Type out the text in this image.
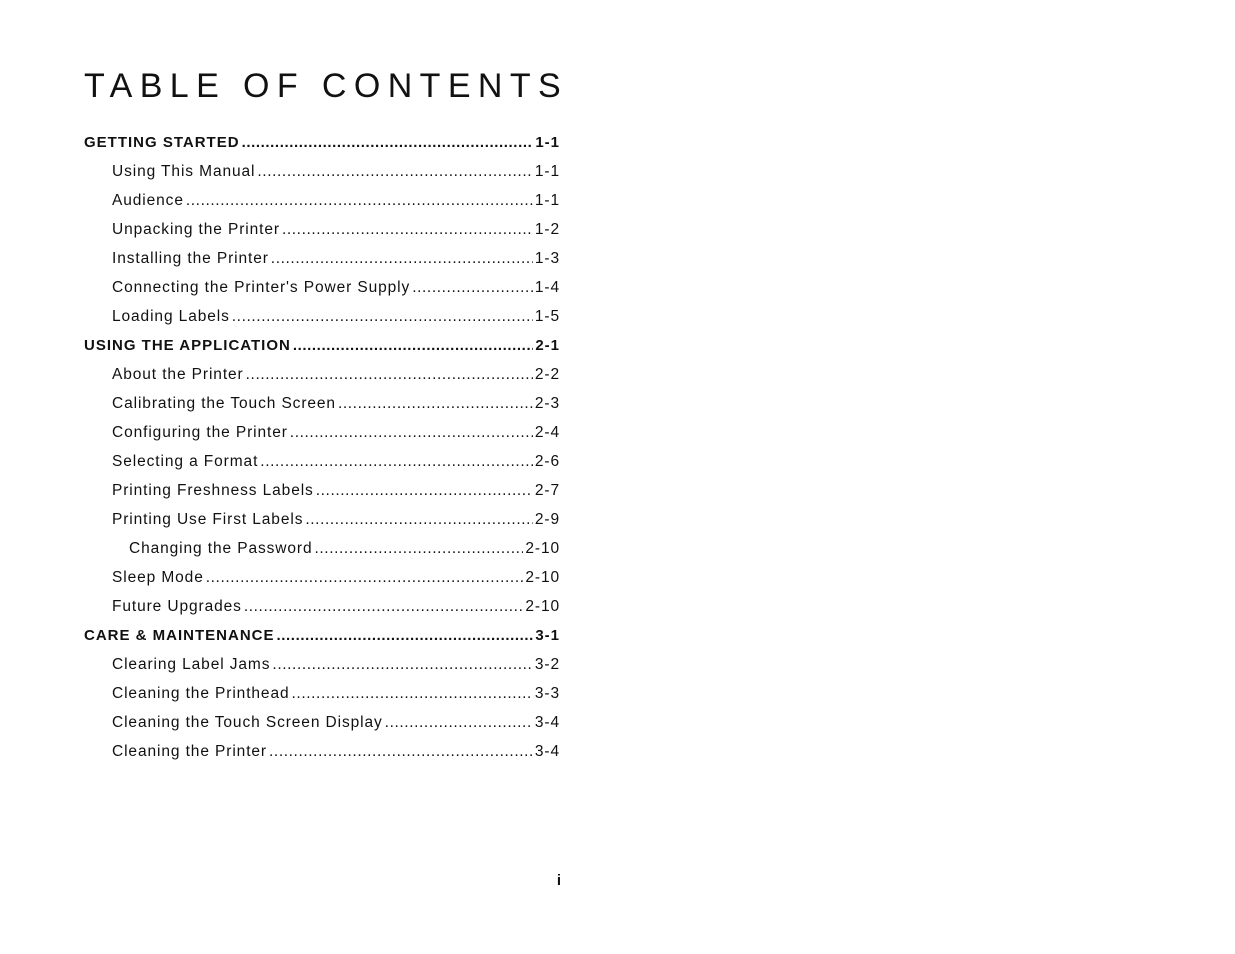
TABLE OF CONTENTS
GETTING STARTED .....	1-1
Using This Manual .....	1-1
Audience .....	1-1
Unpacking the Printer .....	1-2
Installing the Printer .....	1-3
Connecting the Printer's Power Supply .....	1-4
Loading Labels .....	1-5
USING THE APPLICATION .....	2-1
About the Printer .....	2-2
Calibrating the Touch Screen .....	2-3
Configuring the Printer .....	2-4
Selecting a Format .....	2-6
Printing Freshness Labels .....	2-7
Printing Use First Labels .....	2-9
Changing the Password .....	2-10
Sleep Mode .....	2-10
Future Upgrades .....	2-10
CARE & MAINTENANCE .....	3-1
Clearing Label Jams .....	3-2
Cleaning the Printhead .....	3-3
Cleaning the Touch Screen Display .....	3-4
Cleaning the Printer .....	3-4
i
